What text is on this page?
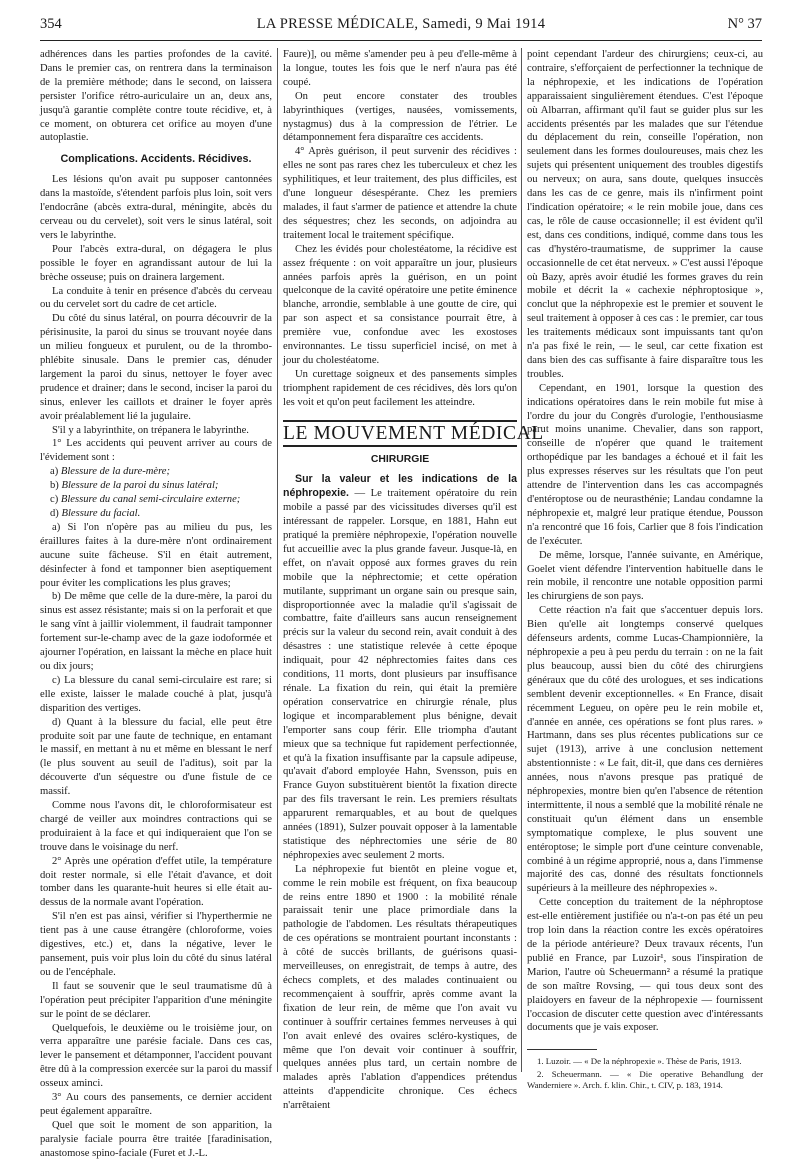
354	LA PRESSE MÉDICALE, Samedi, 9 Mai 1914	N° 37

adhérences dans les parties profondes de la cavité. Dans le premier cas, on rentrera dans la terminaison de la première méthode; dans le second, on laissera persister l'orifice rétro-auriculaire un an, deux ans, jusqu'à garantie complète contre toute récidive, et, à ce moment, on obturera cet orifice au moyen d'une autoplastie.

Complications. Accidents. Récidives.

Les lésions qu'on avait pu supposer cantonnées dans la mastoïde, s'étendent parfois plus loin, soit vers l'endocrâne (abcès extra-dural, méningite, abcès du cerveau ou du cervelet), soit vers le sinus latéral, soit vers le labyrinthe.

Pour l'abcès extra-dural, on dégagera le plus possible le foyer en agrandissant autour de lui la brèche osseuse; puis on drainera largement.

La conduite à tenir en présence d'abcès du cerveau ou du cervelet sort du cadre de cet article.

Du côté du sinus latéral, on pourra découvrir de la périsinusite, la paroi du sinus se trouvant noyée dans un milieu fongueux et purulent, ou de la thrombo-phlébite sinusale. Dans le premier cas, dénuder largement la paroi du sinus, nettoyer le foyer avec prudence et drainer; dans le second, inciser la paroi du sinus, enlever les caillots et drainer le foyer après avoir préalablement lié la jugulaire.

S'il y a labyrinthite, on trépanera le labyrinthe.

1° Les accidents qui peuvent arriver au cours de l'évidement sont :

a) Blessure de la dure-mère;
b) Blessure de la paroi du sinus latéral;
c) Blessure du canal semi-circulaire externe;
d) Blessure du facial.

a) Si l'on n'opère pas au milieu du pus, les éraillures faites à la dure-mère n'ont ordinairement aucune suite fâcheuse. S'il en était autrement, désinfecter à fond et tamponner bien aseptiquement pour éviter les complications les plus graves;

b) De même que celle de la dure-mère, la paroi du sinus est assez résistante; mais si on la perforait et que le sang vînt à jaillir violemment, il faudrait tamponner fortement sur-le-champ avec de la gaze iodoformée et ajourner l'opération, en laissant la mèche en place huit ou dix jours;

c) La blessure du canal semi-circulaire est rare; si elle existe, laisser le malade couché à plat, jusqu'à disparition des vertiges.

d) Quant à la blessure du facial, elle peut être produite soit par une faute de technique, en entamant le massif, en mettant à nu et même en blessant le nerf (le plus souvent au seuil de l'aditus), soit par la découverte d'un séquestre ou d'une fistule de ce massif.

Comme nous l'avons dit, le chloroformisateur est chargé de veiller aux moindres contractions qui se produiraient à la face et qui indiqueraient que l'on se trouve dans le voisinage du nerf.

2° Après une opération d'effet utile, la température doit rester normale, si elle l'était d'avance, et doit tomber dans les quarante-huit heures si elle était au-dessus de la normale avant l'opération.

S'il n'en est pas ainsi, vérifier si l'hyperthermie ne tient pas à une cause étrangère (chloroforme, voies digestives, etc.) et, dans la négative, lever le pansement, puis voir plus loin du côté du sinus latéral ou de l'encéphale.

Il faut se souvenir que le seul traumatisme dû à l'opération peut précipiter l'apparition d'une méningite sur le point de se déclarer.

Quelquefois, le deuxième ou le troisième jour, on verra apparaître une parésie faciale. Dans ces cas, lever le pansement et détamponner, l'accident pouvant être dû à la compression exercée sur la paroi du massif osseux aminci.

3° Au cours des pansements, ce dernier accident peut également apparaître.

Quel que soit le moment de son apparition, la paralysie faciale pourra être traitée [faradinisation, anastomose spino-faciale (Furet et J.-L.

Faure)], ou même s'amender peu à peu d'elle-même à la longue, toutes les fois que le nerf n'aura pas été coupé.

On peut encore constater des troubles labyrinthiques (vertiges, nausées, vomissements, nystagmus) dus à la compression de l'étrier. Le détamponnement fera disparaître ces accidents.

4° Après guérison, il peut survenir des récidives : elles ne sont pas rares chez les tuberculeux et chez les syphilitiques, et leur traitement, des plus difficiles, est d'une longueur désespérante. Chez les premiers malades, il faut s'armer de patience et attendre la chute des séquestres; chez les seconds, on adjoindra au traitement local le traitement spécifique.

Chez les évidés pour cholestéatome, la récidive est assez fréquente : on voit apparaître un jour, plusieurs années parfois après la guérison, en un point quelconque de la cavité opératoire une petite éminence blanche, arrondie, semblable à une goutte de cire, qui par son aspect et sa consistance pourrait être, à première vue, confondue avec les exostoses environnantes. Le tissu superficiel incisé, on met à jour du cholestéatome.

Un curettage soigneux et des pansements simples triomphent rapidement de ces récidives, dès lors qu'on les voit et qu'on peut facilement les atteindre.

LE MOUVEMENT MÉDICAL
CHIRURGIE

Sur la valeur et les indications de la néphropexie. — Le traitement opératoire du rein mobile a passé par des vicissitudes diverses qu'il est intéressant de rappeler. Lorsque, en 1881, Hahn eut pratiqué la première néphropexie, l'opération nouvelle fut accueillie avec la plus grande faveur. Jusque-là, en effet, on n'avait opposé aux formes graves du rein mobile que la néphrectomie; et cette opération mutilante, supprimant un organe sain ou presque sain, disproportionnée avec la maladie qu'il s'agissait de combattre, faite d'ailleurs sans aucun renseignement précis sur la valeur du second rein, avait conduit à des désastres : une statistique relevée à cette époque indiquait, pour 42 néphrectomies faites dans ces conditions, 11 morts, dont plusieurs par insuffisance rénale. La fixation du rein, qui était la première opération conservatrice en chirurgie rénale, plus logique et incomparablement plus bénigne, devait l'emporter sans coup férir. Elle triompha d'autant mieux que sa technique fut rapidement perfectionnée, et qu'à la fixation insuffisante par la capsule adipeuse, qu'avait d'abord employée Hahn, Svensson, puis en France Guyon substituèrent bientôt la fixation directe par des fils traversant le rein. Les premiers résultats apparurent remarquables, et au bout de quelques années (1891), Sulzer pouvait opposer à la lamentable statistique des néphrectomies une série de 80 néphropexies avec seulement 2 morts.

La néphropexie fut bientôt en pleine vogue et, comme le rein mobile est fréquent, on fixa beaucoup de reins entre 1890 et 1900 : la mobilité rénale paraissait tenir une place primordiale dans la pathologie de l'abdomen. Les résultats thérapeutiques de ces opérations se montraient pourtant inconstants : à côté de succès brillants, de guérisons quasi-merveilleuses, on enregistrait, de temps à autre, des échecs complets, et des malades continuaient ou recommençaient à souffrir, après comme avant la fixation de leur rein, de même que l'on avait vu continuer à souffrir certaines femmes nerveuses à qui l'on avait enlevé des ovaires scléro-kystiques, de même que l'on devait voir continuer à souffrir, quelques années plus tard, un certain nombre de malades après l'ablation d'appendices prétendus atteints d'appendicite chronique. Ces échecs n'arrêtaient

point cependant l'ardeur des chirurgiens; ceux-ci, au contraire, s'efforçaient de perfectionner la technique de la néphropexie, et les indications de l'opération apparaissaient singulièrement étendues. C'est l'époque où Albarran, affirmant qu'il faut se guider plus sur les accidents présentés par les malades que sur l'étendue du déplacement du rein, conseille l'opération, non seulement dans les formes douloureuses, mais chez les sujets qui présentent uniquement des troubles digestifs ou nerveux; on aura, sans doute, quelques insuccès dans les cas de ce genre, mais ils n'infirment point l'indication opératoire; « le rein mobile joue, dans ces cas, le rôle de cause occasionnelle; il est évident qu'il est, dans ces conditions, indiqué, comme dans tous les cas d'hystéro-traumatisme, de supprimer la cause occasionnelle de cet état nerveux. » C'est aussi l'époque où Bazy, après avoir étudié les formes graves du rein mobile et décrit la « cachexie néphroptosique », conclut que la néphropexie est le premier et souvent le seul traitement à opposer à ces cas : le premier, car tous les traitements médicaux sont impuissants tant qu'on n'a pas fixé le rein, — le seul, car cette fixation est dans bien des cas suffisante à faire disparaître tous les troubles.

Cependant, en 1901, lorsque la question des indications opératoires dans le rein mobile fut mise à l'ordre du jour du Congrès d'urologie, l'enthousiasme parut moins unanime. Chevalier, dans son rapport, conseille de n'opérer que quand le traitement orthopédique par les bandages a échoué et il fait les plus expresses réserves sur les résultats que l'on peut attendre de l'intervention dans les cas accompagnés d'entéroptose ou de neurasthénie; Landau condamne la néphropexie et, malgré leur pratique étendue, Pousson n'a rencontré que 16 fois, Carlier que 8 fois l'indication de l'exécuter.

De même, lorsque, l'année suivante, en Amérique, Goelet vient défendre l'intervention habituelle dans le rein mobile, il rencontre une notable opposition parmi les chirurgiens de son pays.

Cette réaction n'a fait que s'accentuer depuis lors. Bien qu'elle ait longtemps conservé quelques défenseurs ardents, comme Lucas-Championnière, la néphropexie a peu à peu perdu du terrain : on ne la fait plus beaucoup, aussi bien du côté des chirurgiens généraux que du côté des urologues, et ses indications semblent devenir exceptionnelles. « En France, disait récemment Legueu, on opère peu le rein mobile et, d'année en année, ces opérations se font plus rares. » Hartmann, dans ses plus récentes publications sur ce sujet (1913), arrive à une conclusion nettement abstentionniste : « Le fait, dit-il, que dans ces dernières années, nous n'avons presque pas pratiqué de néphropexies, montre bien qu'en l'absence de rétention intermittente, il nous a semblé que la mobilité rénale ne constituait qu'un élément dans un ensemble symptomatique complexe, le plus souvent une entéroptose; le simple port d'une ceinture convenable, combiné à un régime approprié, nous a, dans l'immense majorité des cas, donné des résultats fonctionnels supérieurs à la meilleure des néphropexies ».

Cette conception du traitement de la néphroptose est-elle entièrement justifiée ou n'a-t-on pas été un peu trop loin dans la réaction contre les excès opératoires de la période antérieure? Deux travaux récents, l'un publié en France, par Luzoir¹, sous l'inspiration de Marion, l'autre où Scheuermann² a résumé la pratique de son maître Rovsing, — qui tous deux sont des plaidoyers en faveur de la néphropexie — fournissent l'occasion de discuter cette question avec d'intéressants documents que je vais exposer.

1. Luzoir. — « De la néphropexie ». Thèse de Paris, 1913.

2. Scheuermann. — « Die operative Behandlung der Wanderniere ». Arch. f. klin. Chir., t. CIV, p. 183, 1914.
